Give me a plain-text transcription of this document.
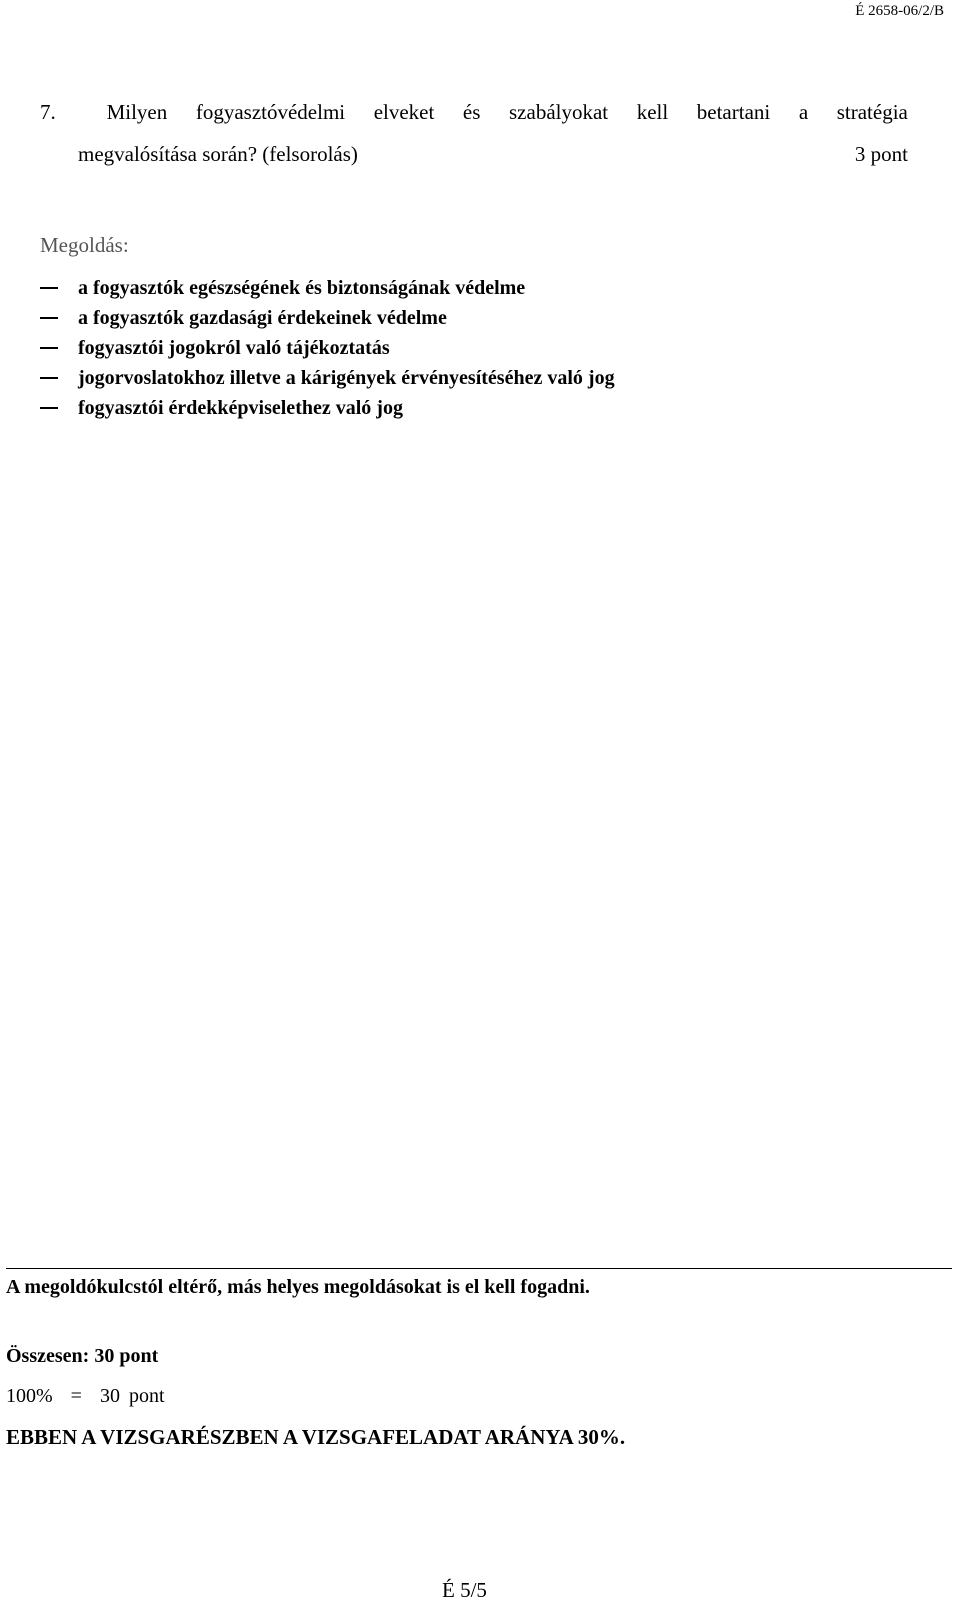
É 2658-06/2/B
7.	Milyen fogyasztóvédelmi elveket és szabályokat kell betartani a stratégia
megvalósítása során? (felsorolás)	3 pont
Megoldás:
a fogyasztók egészségének és biztonságának védelme
a fogyasztók gazdasági érdekeinek védelme
fogyasztói jogokról való tájékoztatás
jogorvoslatokhoz illetve a kárigények érvényesítéséhez való jog
fogyasztói érdekképviselethez való jog
A megoldókulcstól eltérő, más helyes megoldásokat is el kell fogadni.
Összesen: 30 pont
100%  =  30 pont
EBBEN A VIZSGARÉSZBEN A VIZSGAFELADAT ARÁNYA 30%.
É 5/5
